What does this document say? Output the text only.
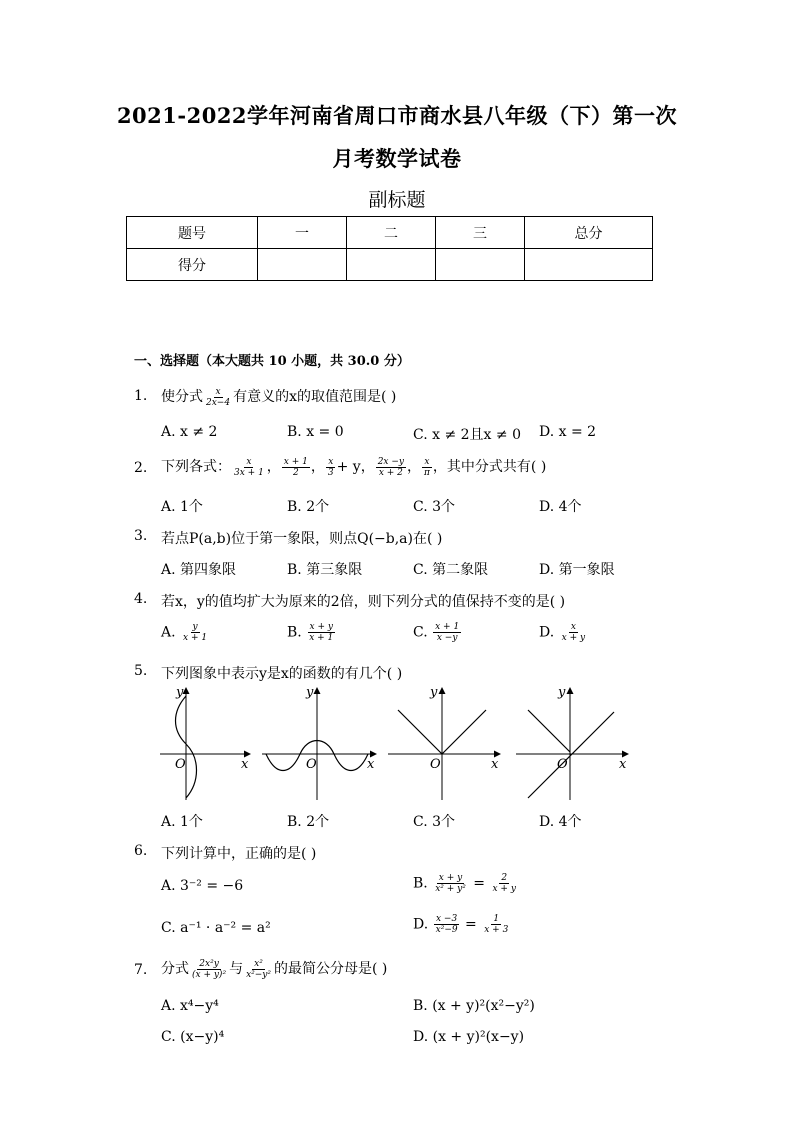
2021-2022学年河南省周口市商水县八年级（下）第一次
月考数学试卷
副标题
题号	一	二	三	总分
得分				
一、选择题（本大题共 10 小题，共 30.0 分）
1. 使分式 $\frac{x}{2x-4}$ 有意义的x的取值范围是( )
A. x ≠ 2	B. x = 0	C. x ≠ 2且x ≠ 0 D. x = 2
2. 下列各式： $\frac{x}{3x + 1}$ ， $\frac{x + 1}{2}$ ， $\frac{x}{3} + y$， $\frac{2x -y}{x + 2}$ ， $\frac{x}{\pi}$ ，其中分式共有( )
A. 1个	B. 2个	C. 3个	D. 4个
3. 若点P(a,b)位于第一象限，则点Q(−b,a)在( )
A. 第四象限	B. 第三象限	C. 第二象限	D. 第一象限
4. 若x，y的值均扩大为原来的2倍，则下列分式的值保持不变的是( )
A. $\frac{y}{x + 1}$	B. $\frac{x + y}{x + 1}$	C. $\frac{x + 1}{x -y}$	D. $\frac{x}{x + y}$
5. 下列图象中表示y是x的函数的有几个( )
y
x
O
y
x
O
y
x
O
y
x
O
A. 1个	B. 2个	C. 3个	D. 4个
6. 下列计算中，正确的是( )
A. 3⁻² = −6	B. $\frac{x + y}{\text{x² + y²}} = \frac{2}{x + y}$
C. a⁻¹ · a⁻² = a²	D. $\frac{x -3}{\text{x²−9}} = \frac{1}{x + 3}$
7. 分式 $\frac{\text{2x²y}}{\text{(x + y)²}}$ 与 $\frac{\text{x²}}{\text{x²−y²}}$ 的最简公分母是( )
A. x⁴−y⁴	B. (x + y)²(x²−y²)
C. (x−y)⁴	D. (x + y)²(x−y)
